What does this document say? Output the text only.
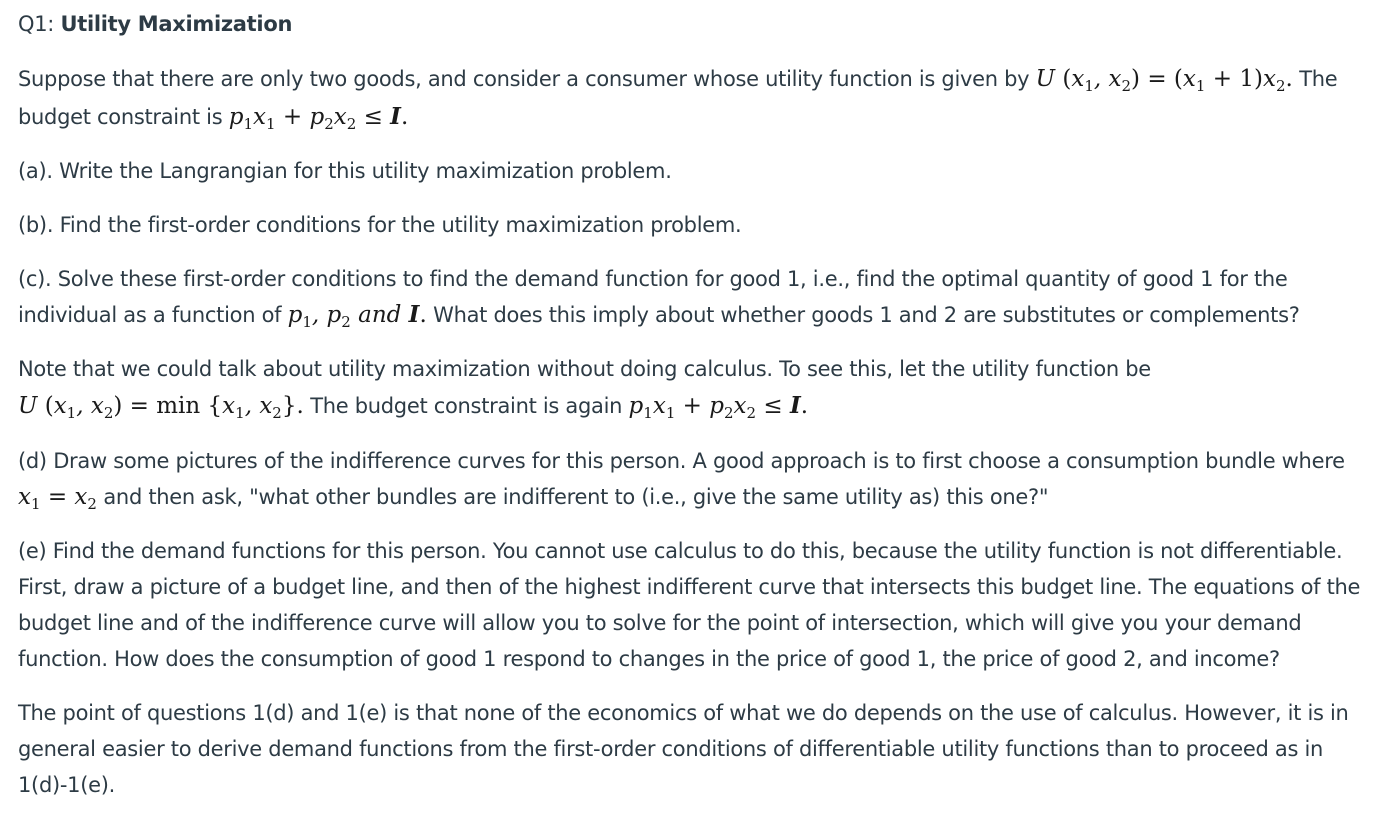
Q1: Utility Maximization
Suppose that there are only two goods, and consider a consumer whose utility function is given by U ($x_1$, $x_2) = (x_1 + 1)x_2$. The
budget constraint is $p_1x_1 + p_2x_2 \le I$.
(a). Write the Langrangian for this utility maximization problem.
(b). Find the first-order conditions for the utility maximization problem.
(c). Solve these first-order conditions to find the demand function for good 1, i.e., find the optimal quantity of good 1 for the
individual as a function of $p_1$, $p_2$ and I. What does this imply about whether goods 1 and 2 are substitutes or complements?
Note that we could talk about utility maximization without doing calculus. To see this, let the utility function be
U ($x_1$, $x_2) = \min \{x_1$, $x_2$}. The budget constraint is again $p_1x_1 + p_2x_2 \le I$.
(d) Draw some pictures of the indifference curves for this person. A good approach is to first choose a consumption bundle where
$x_1 = x_2$ and then ask, "what other bundles are indifferent to (i.e., give the same utility as) this one?"
(e) Find the demand functions for this person. You cannot use calculus to do this, because the utility function is not differentiable.
First, draw a picture of a budget line, and then of the highest indifferent curve that intersects this budget line. The equations of the
budget line and of the indifference curve will allow you to solve for the point of intersection, which will give you your demand
function. How does the consumption of good 1 respond to changes in the price of good 1, the price of good 2, and income?
The point of questions 1(d) and 1(e) is that none of the economics of what we do depends on the use of calculus. However, it is in
general easier to derive demand functions from the first-order conditions of differentiable utility functions than to proceed as in
1(d)-1(e).
